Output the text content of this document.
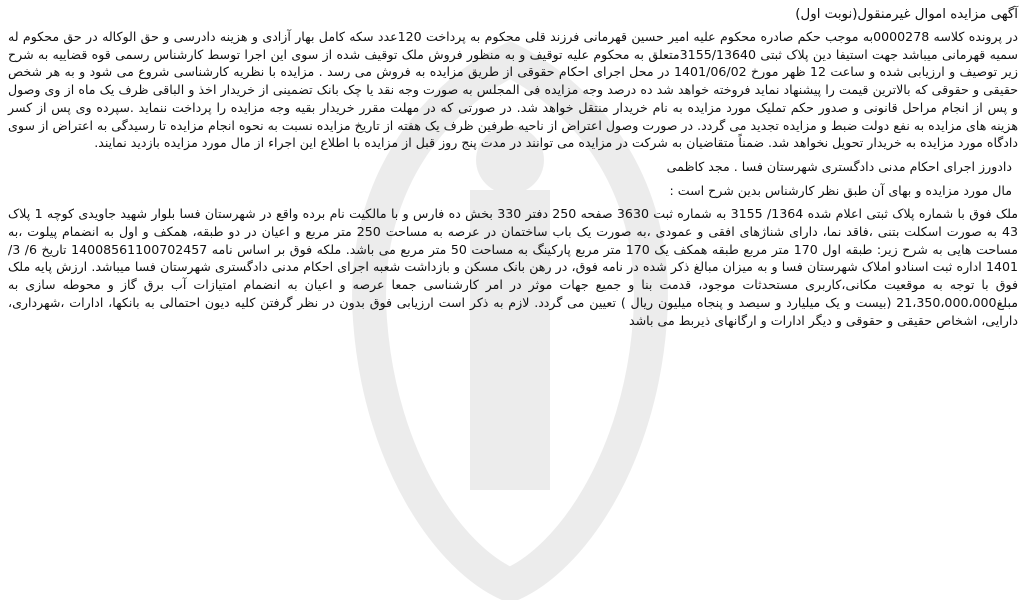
آگهی مزایده اموال غیرمنقول(نوبت اول)

در پرونده کلاسه 0000278به موجب حکم صادره محکوم علیه امیر حسین قهرمانی فرزند قلی محکوم به پرداخت 120عدد سکه کامل بهار آزادی و هزینه دادرسی و حق الوکاله در حق محکوم له سمیه قهرمانی میباشد جهت استیفا دین پلاک ثبتی 3155/13640متعلق به محکوم علیه توقیف و به منظور فروش ملک توقیف شده از سوی این اجرا توسط کارشناس رسمی قوه قضاییه به شرح زیر توصیف و ارزیابی شده و ساعت 12 ظهر مورخ 1401/06/02 در محل اجرای احکام حقوقی از طریق مزایده به فروش می رسد . مزایده با نظریه کارشناسی شروع می شود و به هر شخص حقیقی و حقوقی که بالاترین قیمت را پیشنهاد نماید فروخته خواهد شد ده درصد وجه مزایده فی المجلس به صورت وجه نقد یا چک بانک تضمینی از خریدار اخذ و الباقی ظرف یک ماه از وی وصول و پس از انجام مراحل قانونی و صدور حکم تملیک مورد مزایده به نام خریدار منتقل خواهد شد. در صورتی که در مهلت مقرر خریدار بقیه وجه مزایده را پرداخت ننماید .سپرده وی پس از کسر هزینه های مزایده به نفع دولت ضبط و مزایده تجدید می گردد. در صورت وصول اعتراض از ناحیه طرفین ظرف یک هفته از تاریخ مزایده نسبت به نحوه انجام مزایده تا رسیدگی به اعتراض از سوی دادگاه مورد مزایده به خریدار تحویل نخواهد شد. ضمناً متقاضیان به شرکت در مزایده می توانند در مدت پنج روز قبل از مزایده با اطلاع این اجراء از مال مورد مزایده بازدید نمایند.

دادورز اجرای احکام مدنی دادگستری شهرستان فسا . مجد کاظمی

مال مورد مزایده و بهای آن طبق نظر کارشناس بدین شرح است :

ملک فوق با شماره پلاک ثبتی اعلام شده 1364/ 3155 به شماره ثبت 3630 صفحه 250 دفتر 330 بخش ده فارس و با مالکیت نام برده واقع در شهرستان فسا بلوار شهید جاویدی کوچه 1 پلاک 43 به صورت اسکلت بتنی ،فاقد نما، دارای شناژهای افقی و عمودی ،به صورت یک باب ساختمان در عرصه به مساحت 250 متر مربع و اعیان در دو طبقه، همکف و اول به انضمام پیلوت ،به مساحت هایی به شرح زیر: طبقه اول 170 متر مربع طبقه همکف یک 170 متر مربع پارکینگ به مساحت 50 متر مربع می باشد. ملکه فوق بر اساس نامه 14008561100702457 تاریخ 6/ 3/ 1401 اداره ثبت اسنادو املاک شهرستان فسا و به میزان مبالغ ذکر شده در نامه فوق، در رهن بانک مسکن و بازداشت شعبه اجرای احکام مدنی دادگستری شهرستان فسا میباشد. ارزش پایه ملک فوق با توجه به موقعیت مکانی،کاربری مستحدثات موجود، قدمت بنا و جمیع جهات موثر در امر کارشناسی جمعا عرصه و اعیان به انضمام امتیازات آب برق گاز و محوطه سازی به مبلغ21،350،000،000 (بیست و یک میلیارد و سیصد و پنجاه میلیون ریال ) تعیین می گردد. لازم به ذکر است ارزیابی فوق بدون در نظر گرفتن کلیه دیون احتمالی به بانکها، ادارات ،شهرداری، دارایی، اشخاص حقیقی و حقوقی و دیگر ادارات و ارگانهای ذیربط می باشد
